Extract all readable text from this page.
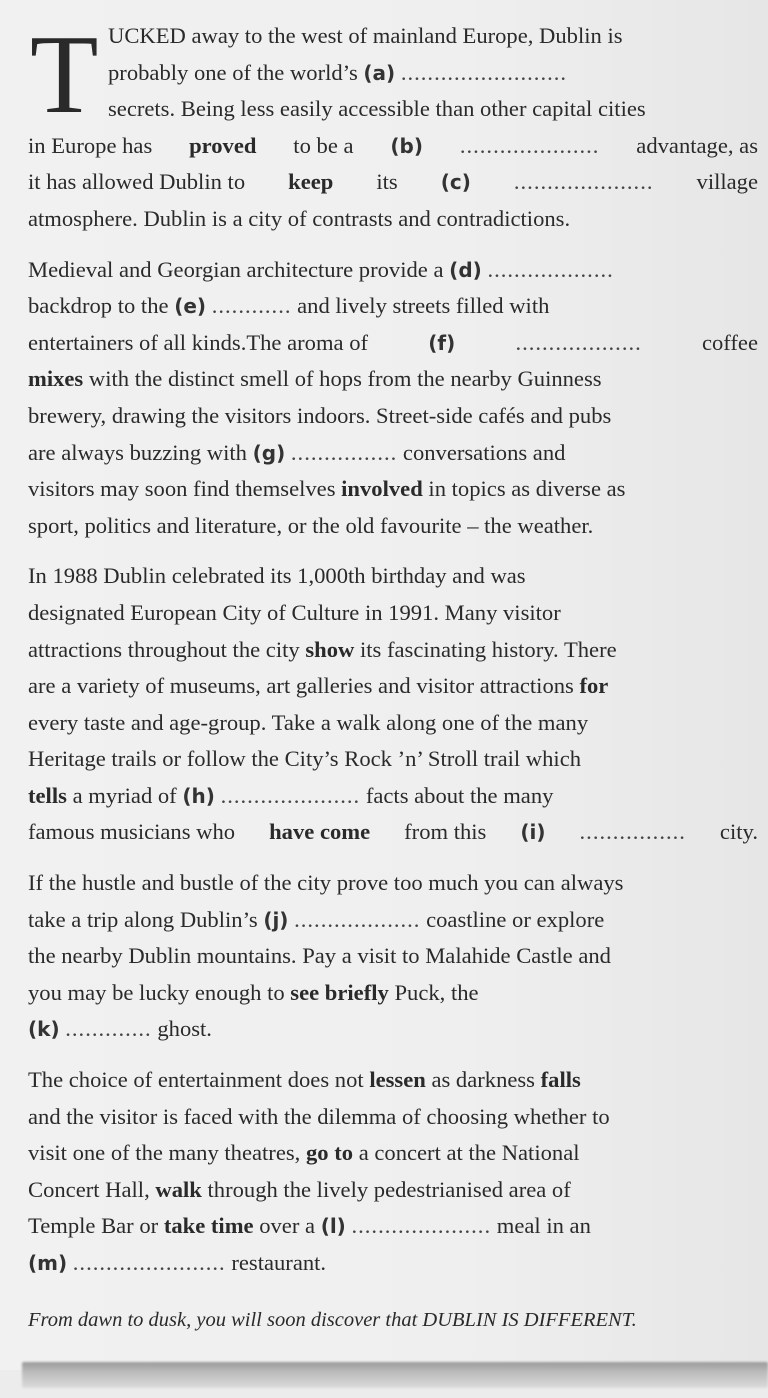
T UCKED away to the west of mainland Europe, Dublin is
probably one of the world’s (a) .........................
secrets. Being less easily accessible than other capital cities
in Europe has proved to be a (b) ..................... advantage, as
it has allowed Dublin to keep its (c) ..................... village
atmosphere. Dublin is a city of contrasts and contradictions.
Medieval and Georgian architecture provide a (d) ...................
backdrop to the (e) ............ and lively streets filled with
entertainers of all kinds.The aroma of	(f)	...................	coffee
mixes with the distinct smell of hops from the nearby Guinness
brewery, drawing the visitors indoors. Street-side cafés and pubs
are always buzzing with (g) ................ conversations and
visitors may soon find themselves involved in topics as diverse as
sport, politics and literature, or the old favourite – the weather.
In 1988 Dublin celebrated its 1,000th birthday and was
designated European City of Culture in 1991. Many visitor
attractions throughout the city show its fascinating history. There
are a variety of museums, art galleries and visitor attractions for
every taste and age-group. Take a walk along one of the many
Heritage trails or follow the City’s Rock ’n’ Stroll trail which
tells a myriad of (h) ..................... facts about the many
famous musicians who have come from this (i) ................ city.
If the hustle and bustle of the city prove too much you can always
take a trip along Dublin’s (j) ................... coastline or explore
the nearby Dublin mountains. Pay a visit to Malahide Castle and
you may be lucky enough to see briefly Puck, the
(k) ............. ghost.
The choice of entertainment does not lessen as darkness falls
and the visitor is faced with the dilemma of choosing whether to
visit one of the many theatres, go to a concert at the National
Concert Hall, walk through the lively pedestrianised area of
Temple Bar or take time over a (l) ..................... meal in an
(m) ....................... restaurant.
From dawn to dusk, you will soon discover that DUBLIN IS DIFFERENT.
